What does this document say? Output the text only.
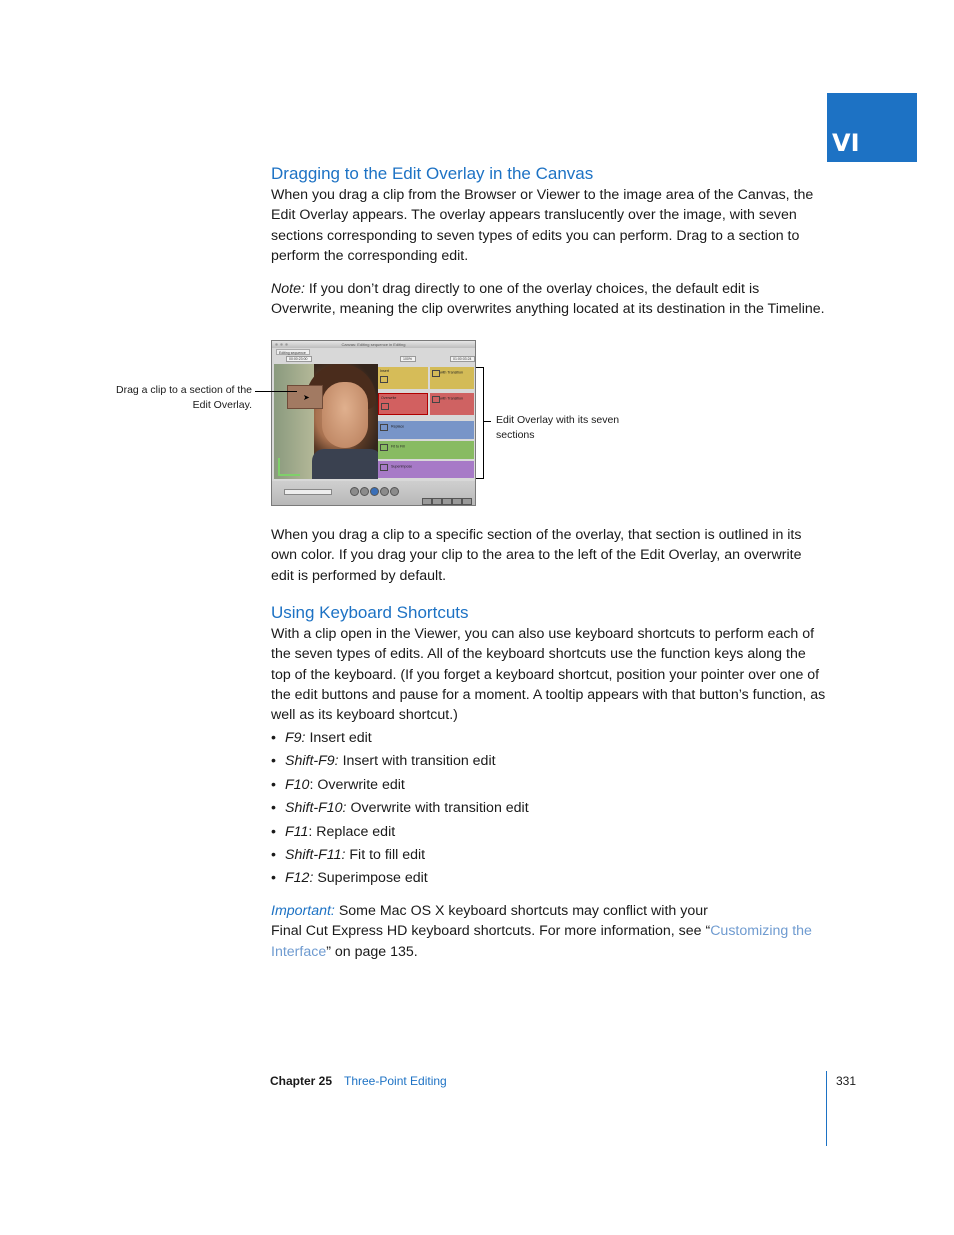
VI
Dragging to the Edit Overlay in the Canvas

When you drag a clip from the Browser or Viewer to the image area of the Canvas, the Edit Overlay appears. The overlay appears translucently over the image, with seven sections corresponding to seven types of edits you can perform. Drag to a section to perform the corresponding edit.

Note: If you don’t drag directly to one of the overlay choices, the default edit is Overwrite, meaning the clip overwrites anything located at its destination in the Timeline.

Canvas: Editing sequence in Editing
Editing sequence
00:00:23:00	100%	01:00:03:24
➤
Insert	with Transition
Overwrite	with Transition
Replace
Fit to Fill
Superimpose
Drag a clip to a section of the Edit Overlay.
Edit Overlay with its seven sections

When you drag a clip to a specific section of the overlay, that section is outlined in its own color. If you drag your clip to the area to the left of the Edit Overlay, an overwrite edit is performed by default.

Using Keyboard Shortcuts

With a clip open in the Viewer, you can also use keyboard shortcuts to perform each of the seven types of edits. All of the keyboard shortcuts use the function keys along the top of the keyboard. (If you forget a keyboard shortcut, position your pointer over one of the edit buttons and pause for a moment. A tooltip appears with that button’s function, as well as its keyboard shortcut.)

• F9: Insert edit
• Shift-F9: Insert with transition edit
• F10: Overwrite edit
• Shift-F10: Overwrite with transition edit
• F11: Replace edit
• Shift-F11: Fit to fill edit
• F12: Superimpose edit

Important: Some Mac OS X keyboard shortcuts may conflict with your
Final Cut Express HD keyboard shortcuts. For more information, see “Customizing the Interface” on page 135.

Chapter 25 Three-Point Editing	331
